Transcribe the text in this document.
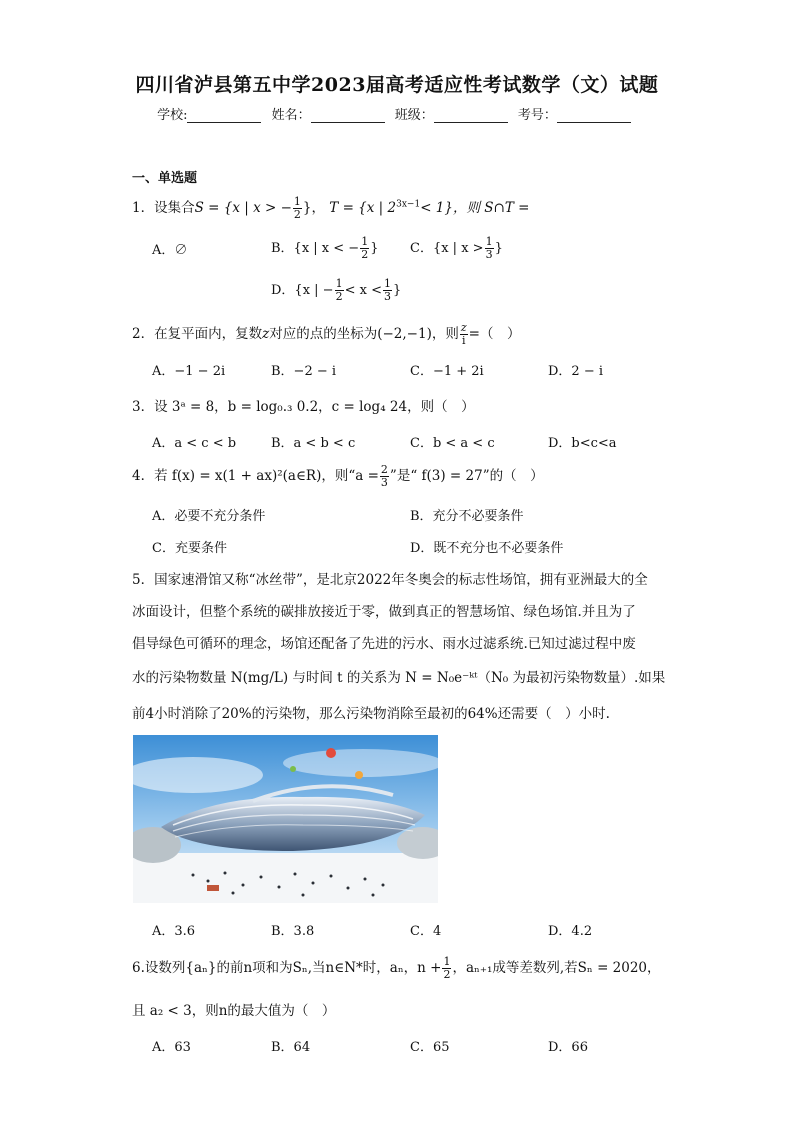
四川省泸县第五中学2023届高考适应性考试数学（文）试题
学校:	姓名：	班级：	考号：
一、单选题
1．设集合S = {x | x > − $\frac{1}{2}$ }， T = {x | $2^{3x-1}< 1$}，则 S∩T =
A．∅	B．{x | x < − $\frac{1}{2}$ } C．{x | $x > \frac{1}{3}$ }
D．{x | − $\frac{1}{2} < x < \frac{1}{3}$ }
2．在复平面内，复数z对应的点的坐标为(−2,−1)，则 $\frac{z}{i}$ =（　）
A．−1 − 2i	B．−2 − i	C．−1 + 2i	D．2 − i
3．设 3ᵃ = 8，b = log₀.₃ 0.2，c = log₄ 24，则（　）
A．a < c < b	B．a < b < c	C．b < a < c	D．b<c<a
4．若 f(x) = x(1 + ax)²(a∈R)，则“$a = \frac{2}{3}$ ”是“ f(3) = 27”的（　）
A．必要不充分条件	B．充分不必要条件
C．充要条件	D．既不充分也不必要条件
5．国家速滑馆又称“冰丝带”，是北京2022年冬奥会的标志性场馆，拥有亚洲最大的全
冰面设计，但整个系统的碳排放接近于零，做到真正的智慧场馆、绿色场馆.并且为了
倡导绿色可循环的理念，场馆还配备了先进的污水、雨水过滤系统.已知过滤过程中废
水的污染物数量 N(mg/L) 与时间 t 的关系为 N = N₀e⁻ᵏᵗ（N₀ 为最初污染物数量）.如果
前4小时消除了20%的污染物，那么污染物消除至最初的64%还需要（　）小时.
A．3.6	B．3.8	C．4	D．4.2
6.设数列{aₙ}的前n项和为Sₙ,当n∈N*时，aₙ，$n + \frac{1}{2}$ ，aₙ₊₁成等差数列,若Sₙ = 2020，
且 a₂ < 3，则n的最大值为（　）
A．63	B．64	C．65	D．66
